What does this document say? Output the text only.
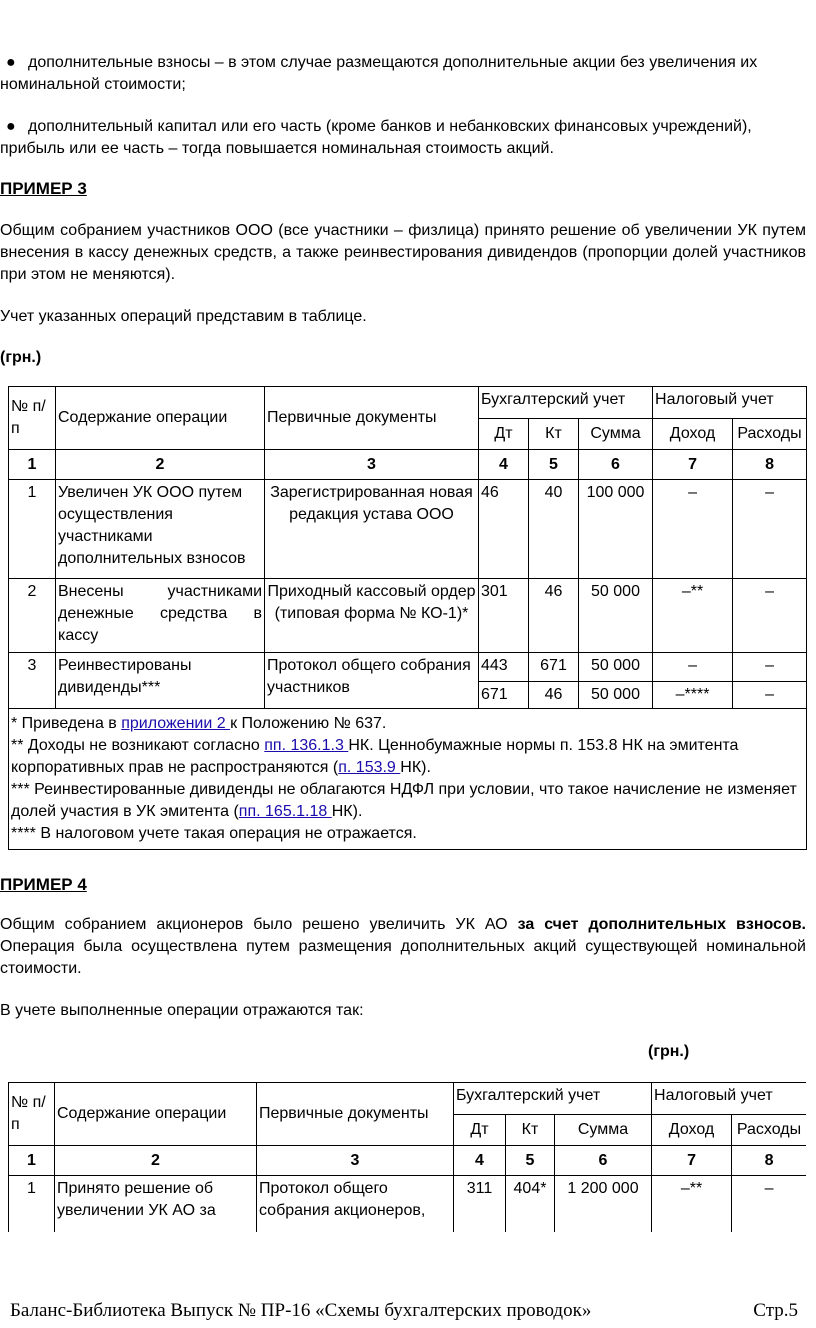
● дополнительные взносы – в этом случае размещаются дополнительные акции без увеличения их номинальной стоимости;
● дополнительный капитал или его часть (кроме банков и небанковских финансовых учреждений), прибыль или ее часть – тогда повышается номинальная стоимость акций.
ПРИМЕР 3
Общим собранием участников ООО (все участники – физлица) принято решение об увеличении УК путем внесения в кассу денежных средств, а также реинвестирования дивидендов (пропорции долей участников при этом не меняются).
Учет указанных операций представим в таблице.
(грн.)
№ п/п	Содержание операции	Первичные документы	Бухгалтерский учет			Налоговый учет	
			Дт	Кт	Сумма	Доход	Расходы
1	2	3	4	5	6	7	8
1	Увеличен УК ООО путем осуществления участниками дополнительных взносов	Зарегистрированная новая редакция устава ООО	46	40	100 000	–	–
2	Внесены участниками денежные средства в кассу	Приходный кассовый ордер (типовая форма № КО-1)*	301	46	50 000	–**	–
3	Реинвестированы дивиденды***	Протокол общего собрания участников	443	671	50 000	–	–
			671	46	50 000	–****	–

* Приведена в приложении 2 к Положению № 637.
** Доходы не возникают согласно пп. 136.1.3 НК. Ценнобумажные нормы п. 153.8 НК на эмитента корпоративных прав не распространяются (п. 153.9 НК).
*** Реинвестированные дивиденды не облагаются НДФЛ при условии, что такое начисление не изменяет долей участия в УК эмитента (пп. 165.1.18 НК).
**** В налоговом учете такая операция не отражается.							
ПРИМЕР 4
Общим собранием акционеров было решено увеличить УК АО за счет дополнительных взносов. Операция была осуществлена путем размещения дополнительных акций существующей номинальной стоимости.
В учете выполненные операции отражаются так:
(грн.)
№ п/п	Содержание операции	Первичные документы	Бухгалтерский учет			Налоговый учет	
			Дт	Кт	Сумма	Доход	Расходы
1	2	3	4	5	6	7	8
1	Принято решение об увеличении УК АО за	Протокол общего собрания акционеров,	311	404*	1 200 000	–**	–
Баланс-Библиотека Выпуск № ПР-16 «Схемы бухгалтерских проводок»	Стр.5
